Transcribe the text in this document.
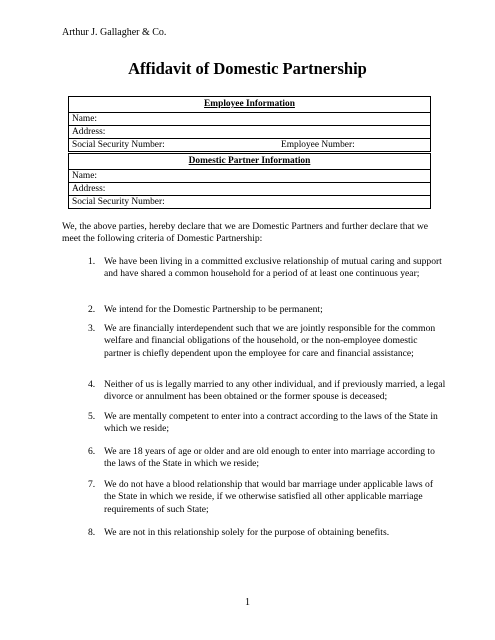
Arthur J. Gallagher & Co.
Affidavit of Domestic Partnership
Employee Information
Name:
Address:
Social Security Number:	Employee Number:
Domestic Partner Information
Name:
Address:
Social Security Number:
We, the above parties, hereby declare that we are Domestic Partners and further declare that we meet the following criteria of Domestic Partnership:
1. We have been living in a committed exclusive relationship of mutual caring and support and have shared a common household for a period of at least one continuous year;
2. We intend for the Domestic Partnership to be permanent;
3. We are financially interdependent such that we are jointly responsible for the common welfare and financial obligations of the household, or the non-employee domestic partner is chiefly dependent upon the employee for care and financial assistance;
4. Neither of us is legally married to any other individual, and if previously married, a legal divorce or annulment has been obtained or the former spouse is deceased;
5. We are mentally competent to enter into a contract according to the laws of the State in which we reside;
6. We are 18 years of age or older and are old enough to enter into marriage according to the laws of the State in which we reside;
7. We do not have a blood relationship that would bar marriage under applicable laws of the State in which we reside, if we otherwise satisfied all other applicable marriage requirements of such State;
8. We are not in this relationship solely for the purpose of obtaining benefits.
1
